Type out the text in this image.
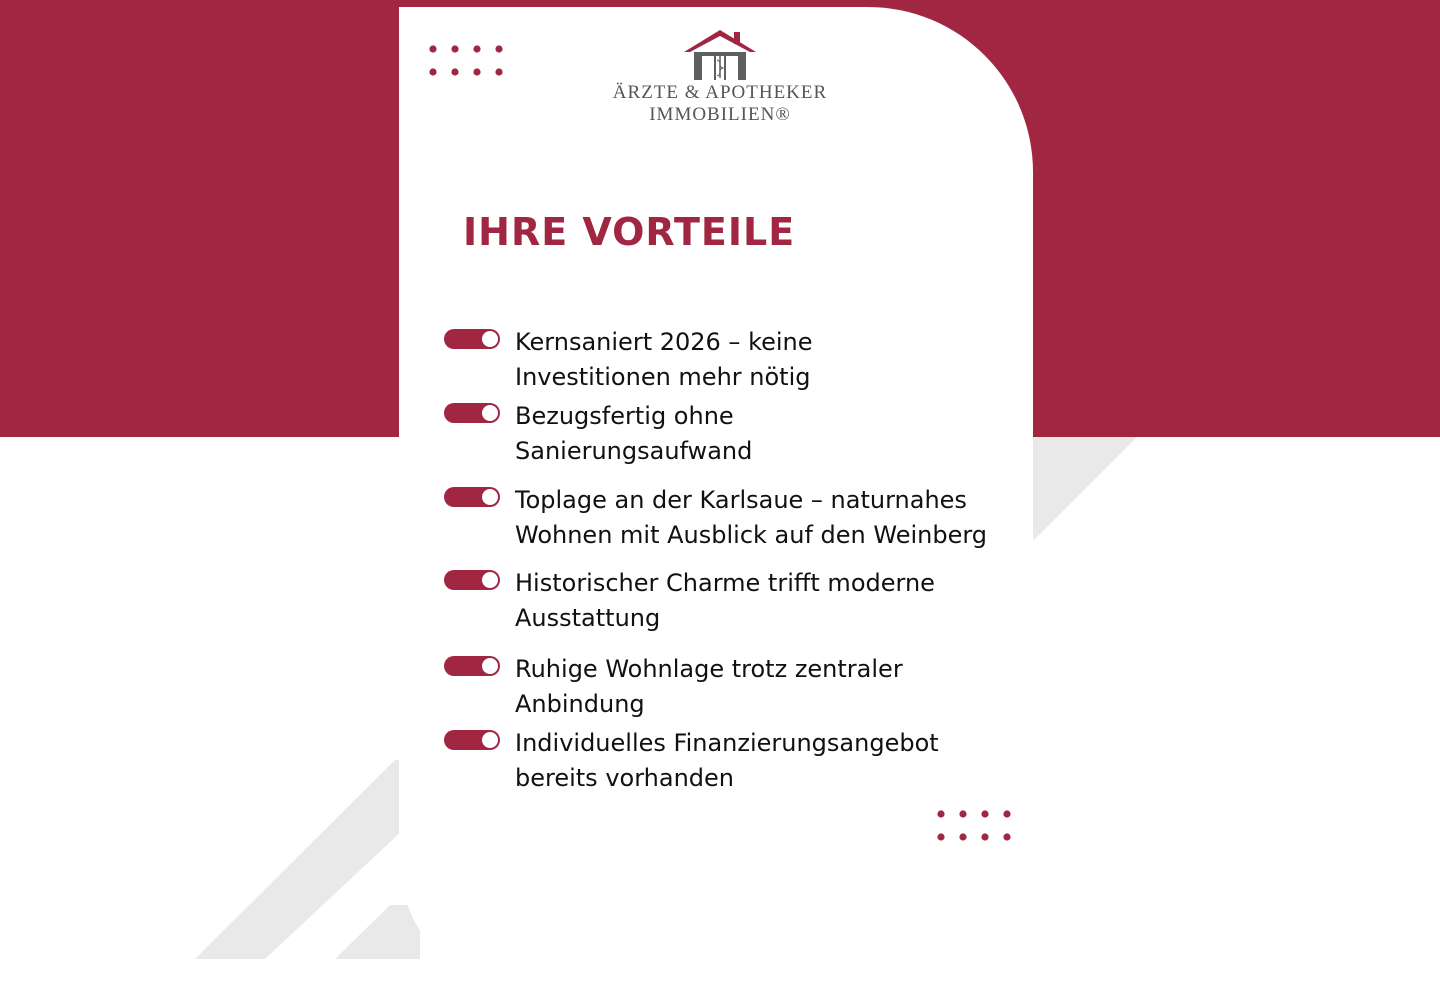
ÄRZTE & APOTHEKER
IMMOBILIEN®
IHRE VORTEILE
Kernsaniert 2026 – keine
Investitionen mehr nötig
Bezugsfertig ohne
Sanierungsaufwand
Toplage an der Karlsaue – naturnahes
Wohnen mit Ausblick auf den Weinberg
Historischer Charme trifft moderne
Ausstattung
Ruhige Wohnlage trotz zentraler
Anbindung
Individuelles Finanzierungsangebot
bereits vorhanden
